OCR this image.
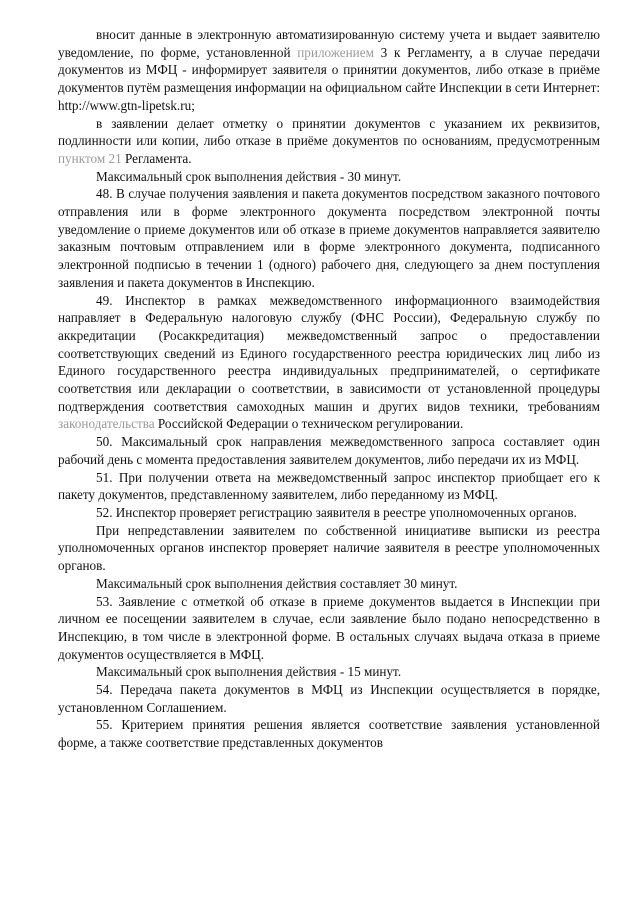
вносит данные в электронную автоматизированную систему учета и выдает заявителю уведомление, по форме, установленной приложением 3 к Регламенту, а в случае передачи документов из МФЦ - информирует заявителя о принятии документов, либо отказе в приёме документов путём размещения информации на официальном сайте Инспекции в сети Интернет: http://www.gtn-lipetsk.ru;

в заявлении делает отметку о принятии документов с указанием их реквизитов, подлинности или копии, либо отказе в приёме документов по основаниям, предусмотренным пунктом 21 Регламента.

Максимальный срок выполнения действия - 30 минут.

48. В случае получения заявления и пакета документов посредством заказного почтового отправления или в форме электронного документа посредством электронной почты уведомление о приеме документов или об отказе в приеме документов направляется заявителю заказным почтовым отправлением или в форме электронного документа, подписанного электронной подписью в течении 1 (одного) рабочего дня, следующего за днем поступления заявления и пакета документов в Инспекцию.

49. Инспектор в рамках межведомственного информационного взаимодействия направляет в Федеральную налоговую службу (ФНС России), Федеральную службу по аккредитации (Росаккредитация) межведомственный запрос о предоставлении соответствующих сведений из Единого государственного реестра юридических лиц либо из Единого государственного реестра индивидуальных предпринимателей, о сертификате соответствия или декларации о соответствии, в зависимости от установленной процедуры подтверждения соответствия самоходных машин и других видов техники, требованиям законодательства Российской Федерации о техническом регулировании.

50. Максимальный срок направления межведомственного запроса составляет один рабочий день с момента предоставления заявителем документов, либо передачи их из МФЦ.

51. При получении ответа на межведомственный запрос инспектор приобщает его к пакету документов, представленному заявителем, либо переданному из МФЦ.

52. Инспектор проверяет регистрацию заявителя в реестре уполномоченных органов.

При непредставлении заявителем по собственной инициативе выписки из реестра уполномоченных органов инспектор проверяет наличие заявителя в реестре уполномоченных органов.

Максимальный срок выполнения действия составляет 30 минут.

53. Заявление с отметкой об отказе в приеме документов выдается в Инспекции при личном ее посещении заявителем в случае, если заявление было подано непосредственно в Инспекцию, в том числе в электронной форме. В остальных случаях выдача отказа в приеме документов осуществляется в МФЦ.

Максимальный срок выполнения действия - 15 минут.

54. Передача пакета документов в МФЦ из Инспекции осуществляется в порядке, установленном Соглашением.

55. Критерием принятия решения является соответствие заявления установленной форме, а также соответствие представленных документов
